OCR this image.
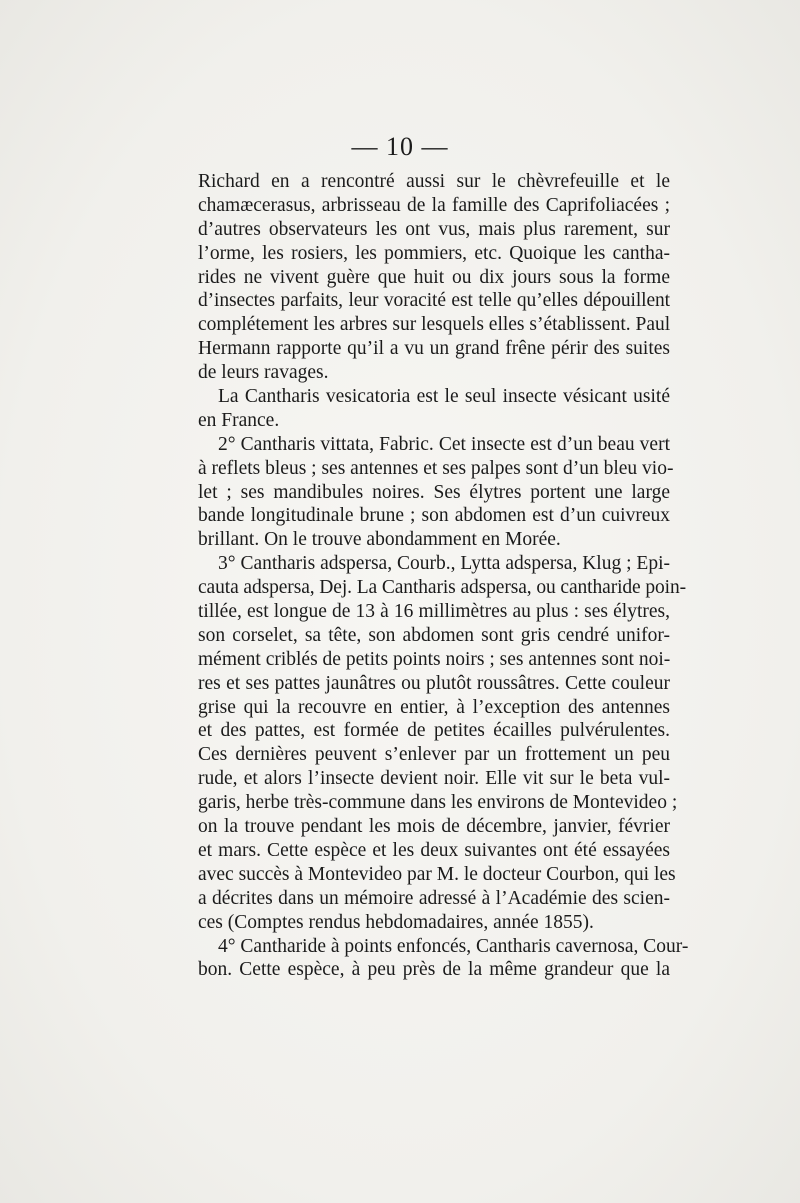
— 10 —
Richard en a rencontré aussi sur le chèvrefeuille et le
chamæcerasus, arbrisseau de la famille des Caprifoliacées ;
d’autres observateurs les ont vus, mais plus rarement, sur
l’orme, les rosiers, les pommiers, etc. Quoique les cantha-
rides ne vivent guère que huit ou dix jours sous la forme
d’insectes parfaits, leur voracité est telle qu’elles dépouillent
complétement les arbres sur lesquels elles s’établissent. Paul
Hermann rapporte qu’il a vu un grand frêne périr des suites
de leurs ravages.
La Cantharis vesicatoria est le seul insecte vésicant usité
en France.
2° Cantharis vittata, Fabric. Cet insecte est d’un beau vert
à reflets bleus ; ses antennes et ses palpes sont d’un bleu vio-
let ; ses mandibules noires. Ses élytres portent une large
bande longitudinale brune ; son abdomen est d’un cuivreux
brillant. On le trouve abondamment en Morée.
3° Cantharis adspersa, Courb., Lytta adspersa, Klug ; Epi-
cauta adspersa, Dej. La Cantharis adspersa, ou cantharide poin-
tillée, est longue de 13 à 16 millimètres au plus : ses élytres,
son corselet, sa tête, son abdomen sont gris cendré unifor-
mément criblés de petits points noirs ; ses antennes sont noi-
res et ses pattes jaunâtres ou plutôt roussâtres. Cette couleur
grise qui la recouvre en entier, à l’exception des antennes
et des pattes, est formée de petites écailles pulvérulentes.
Ces dernières peuvent s’enlever par un frottement un peu
rude, et alors l’insecte devient noir. Elle vit sur le beta vul-
garis, herbe très-commune dans les environs de Montevideo ;
on la trouve pendant les mois de décembre, janvier, février
et mars. Cette espèce et les deux suivantes ont été essayées
avec succès à Montevideo par M. le docteur Courbon, qui les
a décrites dans un mémoire adressé à l’Académie des scien-
ces (Comptes rendus hebdomadaires, année 1855).
4° Cantharide à points enfoncés, Cantharis cavernosa, Cour-
bon. Cette espèce, à peu près de la même grandeur que la
